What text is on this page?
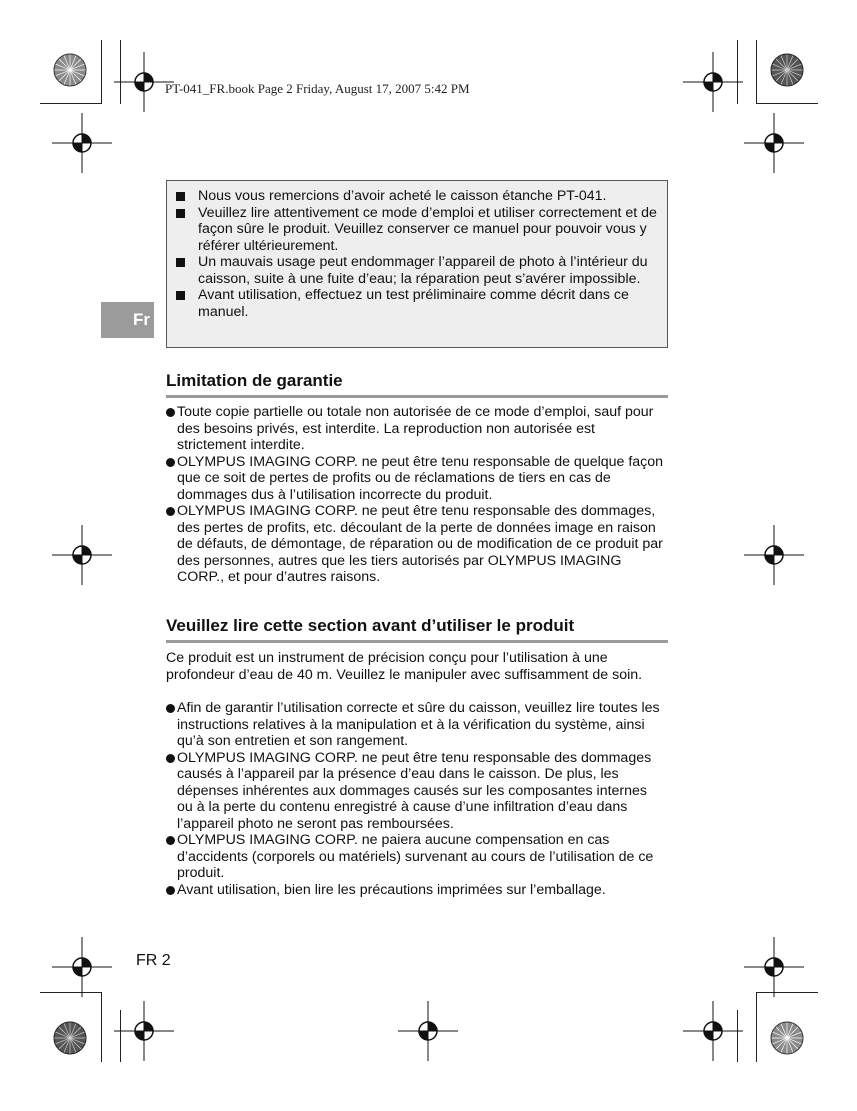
PT-041_FR.book Page 2 Friday, August 17, 2007 5:42 PM
Fr
Nous vous remercions d’avoir acheté le caisson étanche PT-041.
Veuillez lire attentivement ce mode d’emploi et utiliser correctement et de façon sûre le produit. Veuillez conserver ce manuel pour pouvoir vous y référer ultérieurement.
Un mauvais usage peut endommager l’appareil de photo à l’intérieur du caisson, suite à une fuite d’eau; la réparation peut s’avérer impossible.
Avant utilisation, effectuez un test préliminaire comme décrit dans ce manuel.
Limitation de garantie
Toute copie partielle ou totale non autorisée de ce mode d’emploi, sauf pour des besoins privés, est interdite. La reproduction non autorisée est strictement interdite.
OLYMPUS IMAGING CORP. ne peut être tenu responsable de quelque façon que ce soit de pertes de profits ou de réclamations de tiers en cas de dommages dus à l’utilisation incorrecte du produit.
OLYMPUS IMAGING CORP. ne peut être tenu responsable des dommages, des pertes de profits, etc. découlant de la perte de données image en raison de défauts, de démontage, de réparation ou de modification de ce produit par des personnes, autres que les tiers autorisés par OLYMPUS IMAGING CORP., et pour d’autres raisons.
Veuillez lire cette section avant d’utiliser le produit

Ce produit est un instrument de précision conçu pour l’utilisation à une profondeur d’eau de 40 m. Veuillez le manipuler avec suffisamment de soin.

Afin de garantir l’utilisation correcte et sûre du caisson, veuillez lire toutes les instructions relatives à la manipulation et à la vérification du système, ainsi qu’à son entretien et son rangement.
OLYMPUS IMAGING CORP. ne peut être tenu responsable des dommages causés à l’appareil par la présence d’eau dans le caisson. De plus, les dépenses inhérentes aux dommages causés sur les composantes internes ou à la perte du contenu enregistré à cause d’une infiltration d’eau dans l’appareil photo ne seront pas remboursées.
OLYMPUS IMAGING CORP. ne paiera aucune compensation en cas d’accidents (corporels ou matériels) survenant au cours de l’utilisation de ce produit.
Avant utilisation, bien lire les précautions imprimées sur l’emballage.
FR 2
